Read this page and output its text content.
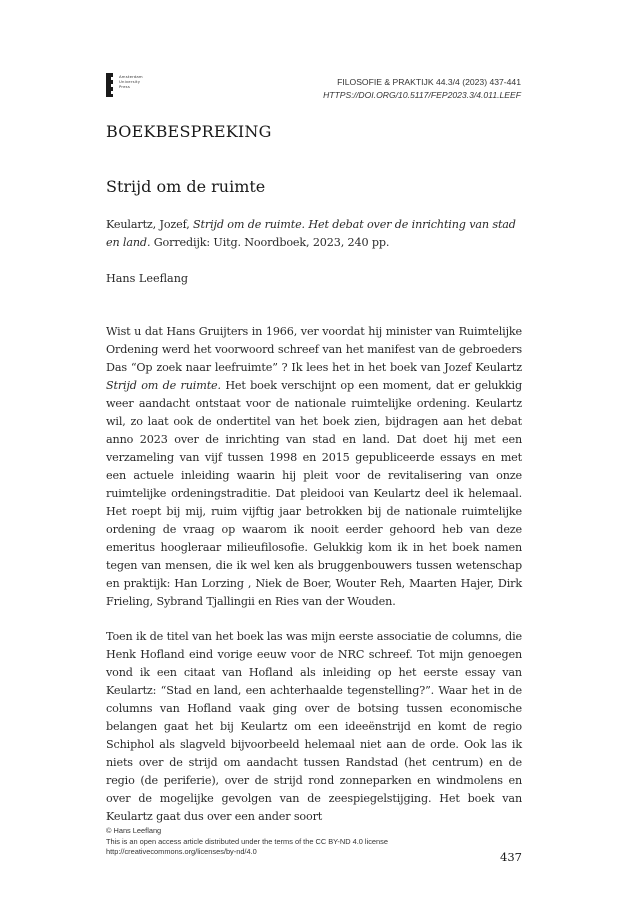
Amsterdam
University
Press	FILOSOFIE & PRAKTIJK 44.3/4 (2023) 437-441
HTTPS://DOI.ORG/10.5117/FEP2023.3/4.011.LEEF
BOEKBESPREKING
Strijd om de ruimte
Keulartz, Jozef, Strijd om de ruimte. Het debat over de inrichting van stad en land. Gorredijk: Uitg. Noordboek, 2023, 240 pp.
Hans Leeflang

Wist u dat Hans Gruijters in 1966, ver voordat hij minister van Ruimtelijke Ordening werd het voorwoord schreef van het manifest van de gebroeders Das “Op zoek naar leefruimte” ? Ik lees het in het boek van Jozef Keulartz Strijd om de ruimte. Het boek verschijnt op een moment, dat er gelukkig weer aandacht ontstaat voor de nationale ruimtelijke ordening. Keulartz wil, zo laat ook de ondertitel van het boek zien, bijdragen aan het debat anno 2023 over de inrichting van stad en land. Dat doet hij met een verzameling van vijf tussen 1998 en 2015 gepubliceerde essays en met een actuele inleiding waarin hij pleit voor de revitalisering van onze ruimtelijke ordeningstraditie. Dat pleidooi van Keulartz deel ik helemaal. Het roept bij mij, ruim vijftig jaar betrokken bij de nationale ruimtelijke ordening de vraag op waarom ik nooit eerder gehoord heb van deze emeritus hoogleraar milieufilosofie. Gelukkig kom ik in het boek namen tegen van mensen, die ik wel ken als bruggenbouwers tussen wetenschap en praktijk: Han Lorzing , Niek de Boer, Wouter Reh, Maarten Hajer, Dirk Frieling, Sybrand Tjallingii en Ries van der Wouden.

Toen ik de titel van het boek las was mijn eerste associatie de columns, die Henk Hofland eind vorige eeuw voor de NRC schreef. Tot mijn genoegen vond ik een citaat van Hofland als inleiding op het eerste essay van Keulartz: “Stad en land, een achterhaalde tegenstelling?”. Waar het in de columns van Hofland vaak ging over de botsing tussen economische belangen gaat het bij Keulartz om een ideeënstrijd en komt de regio Schiphol als slagveld bijvoorbeeld helemaal niet aan de orde. Ook las ik niets over de strijd om aandacht tussen Randstad (het centrum) en de regio (de periferie), over de strijd rond zonneparken en windmolens en over de mogelijke gevolgen van de zeespiegelstijging. Het boek van Keulartz gaat dus over een ander soort

© Hans Leeflang
This is an open access article distributed under the terms of the CC BY-ND 4.0 license
http://creativecommons.org/licenses/by-nd/4.0	437
